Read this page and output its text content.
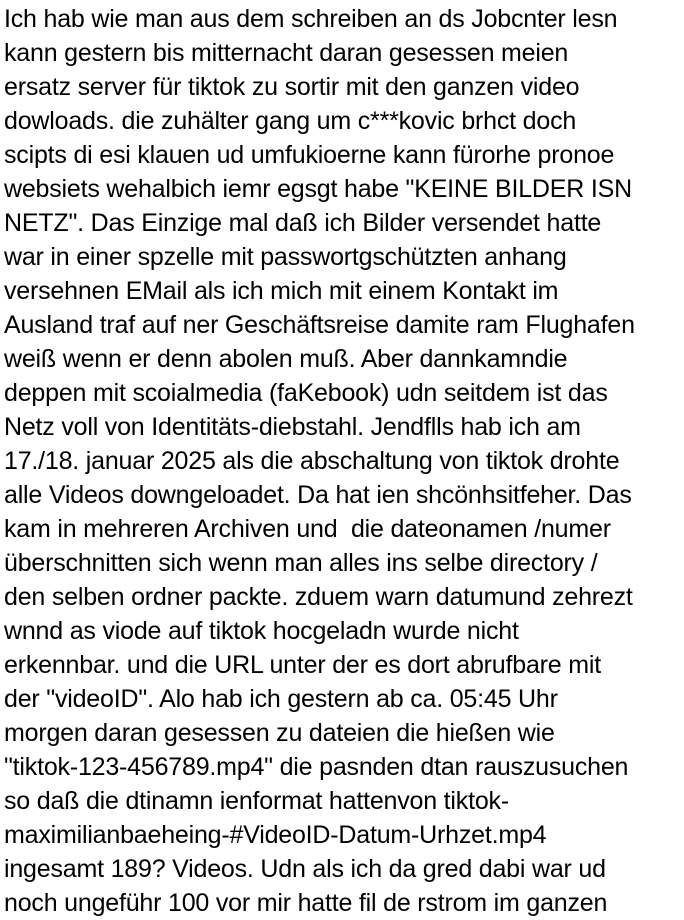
Ich hab wie man aus dem schreiben an ds Jobcnter lesn
kann gestern bis mitternacht daran gesessen meien
ersatz server für tiktok zu sortir mit den ganzen video
dowloads. die zuhälter gang um c***kovic brhct doch
scipts di esi klauen ud umfukioerne kann fürorhe pronoe
websiets wehalbich iemr egsgt habe "KEINE BILDER ISN
NETZ". Das Einzige mal daß ich Bilder versendet hatte
war in einer spzelle mit passwortgschützten anhang
versehnen EMail als ich mich mit einem Kontakt im
Ausland traf auf ner Geschäftsreise damite ram Flughafen
weiß wenn er denn abolen muß. Aber dannkamndie
deppen mit scoialmedia (faKebook) udn seitdem ist das
Netz voll von Identitäts-diebstahl. Jendflls hab ich am
17./18. januar 2025 als die abschaltung von tiktok drohte
alle Videos downgeloadet. Da hat ien shcönhsitfeher. Das
kam in mehreren Archiven und  die dateonamen /numer
überschnitten sich wenn man alles ins selbe directory /
den selben ordner packte. zduem warn datumund zehrezt
wnnd as viode auf tiktok hocgeladn wurde nicht
erkennbar. und die URL unter der es dort abrufbare mit
der "videoID". Alo hab ich gestern ab ca. 05:45 Uhr
morgen daran gesessen zu dateien die hießen wie
"tiktok-123-456789.mp4" die pasnden dtan rauszusuchen
so daß die dtinamn ienformat hattenvon tiktok-
maximilianbaeheing-#VideoID-Datum-Urhzet.mp4
ingesamt 189? Videos. Udn als ich da gred dabi war ud
noch ungeführ 100 vor mir hatte fil de rstrom im ganzen
